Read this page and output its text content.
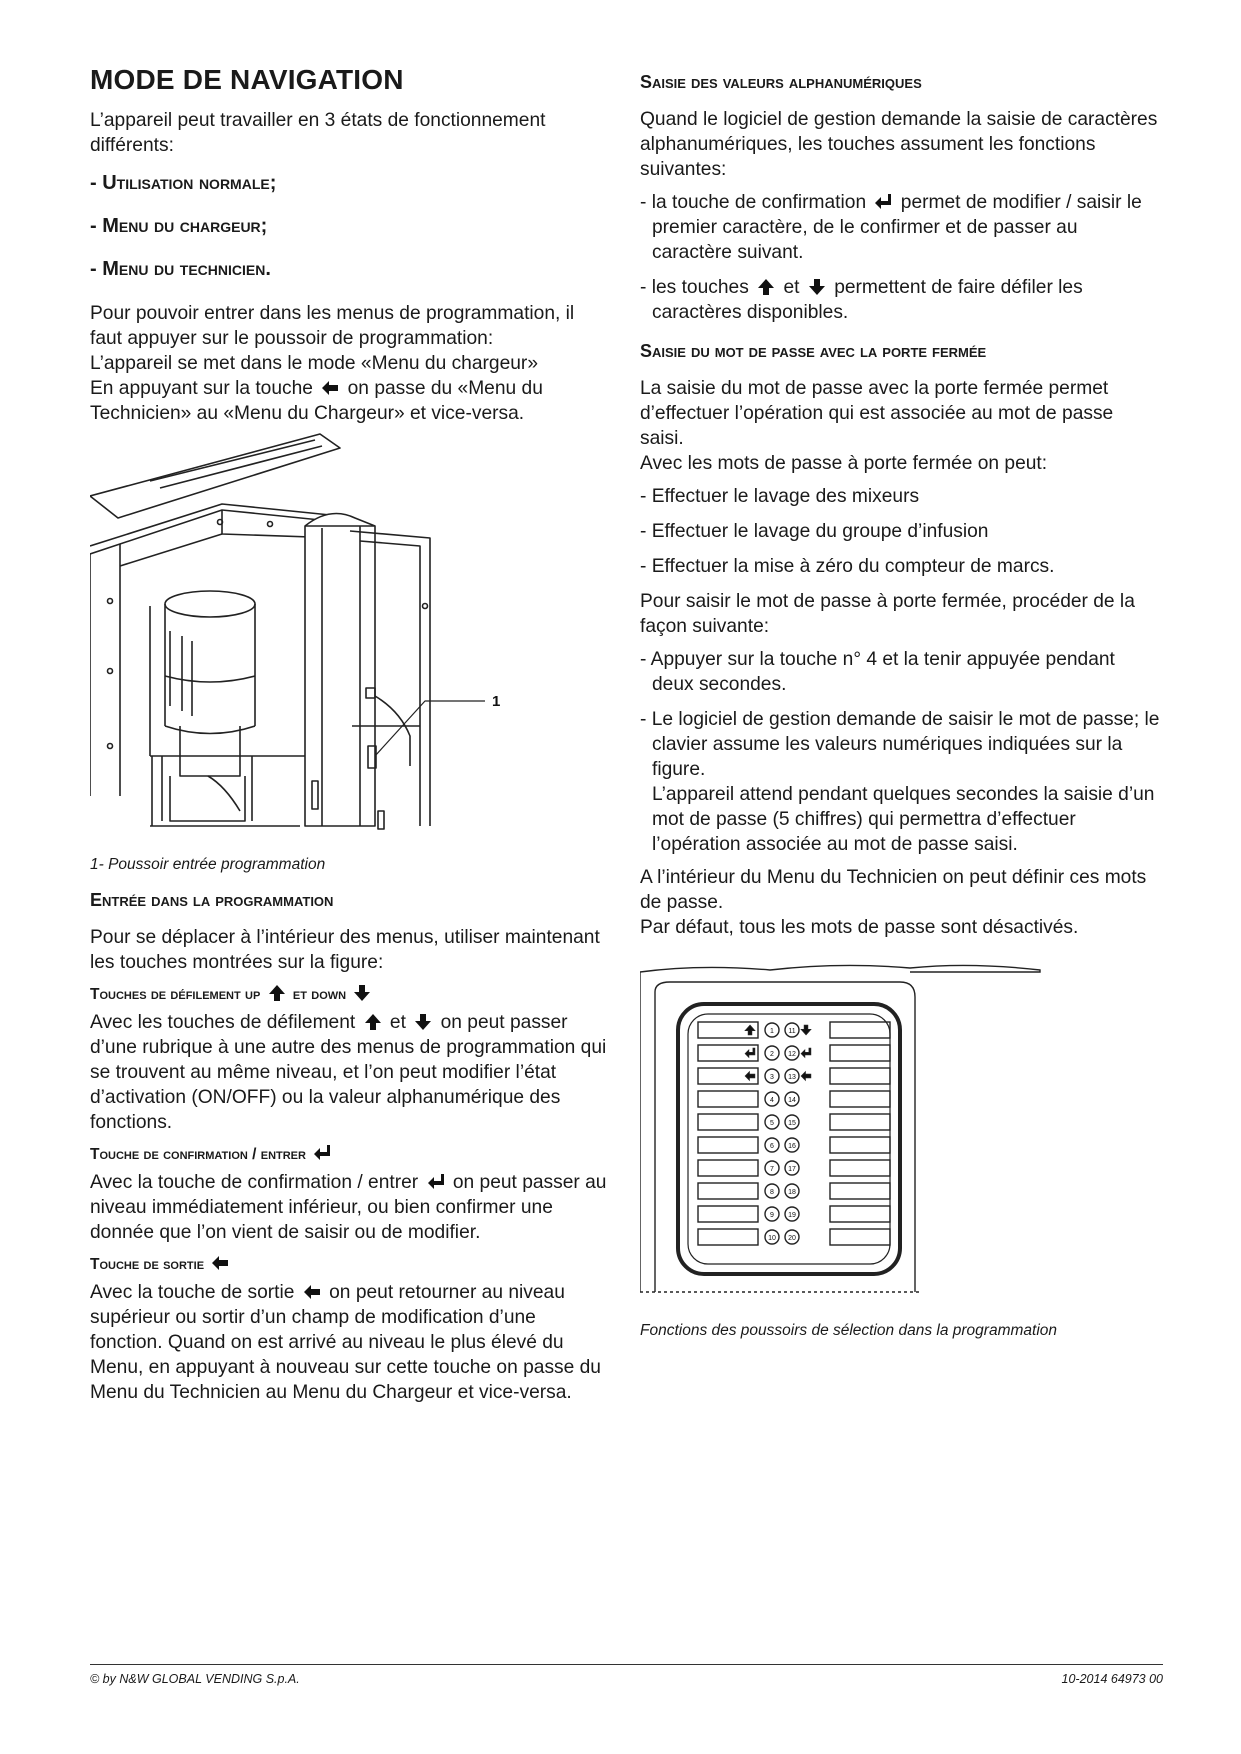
MODE DE NAVIGATION

L’appareil peut travailler en 3 états de fonctionnement différents:

- Utilisation normale;
- Menu du chargeur;
- Menu du technicien.

Pour pouvoir entrer dans les menus de programmation, il faut appuyer sur le poussoir de programmation:
L’appareil se met dans le mode «Menu du chargeur»
En appuyant sur la touche on passe du «Menu du Technicien» au «Menu du Chargeur» et vice-versa.

1
1- Poussoir entrée programmation
Entrée dans la programmation

Pour se déplacer à l’intérieur des menus, utiliser maintenant les touches montrées sur la figure:

Touches de défilement up et down

Avec les touches de défilement et on peut passer d’une rubrique à une autre des menus de programmation qui se trouvent au même niveau, et l’on peut modifier l’état d’activation (ON/OFF) ou la valeur alphanumérique des fonctions.

Touche de confirmation / entrer

Avec la touche de confirmation / entrer on peut passer au niveau immédiatement inférieur, ou bien confirmer une donnée que l’on vient de saisir ou de modifier.

Touche de sortie

Avec la touche de sortie on peut retourner au niveau supérieur ou sortir d’un champ de modification d’une fonction. Quand on est arrivé au niveau le plus élevé du Menu, en appuyant à nouveau sur cette touche on passe du Menu du Technicien au Menu du Chargeur et vice-versa.

Saisie des valeurs alphanumériques

Quand le logiciel de gestion demande la saisie de caractères alphanumériques, les touches assument les fonctions suivantes:

- la touche de confirmation permet de modifier / saisir le premier caractère, de le confirmer et de passer au caractère suivant.

- les touches et permettent de faire défiler les caractères disponibles.

Saisie du mot de passe avec la porte fermée

La saisie du mot de passe avec la porte fermée permet d’effectuer l’opération qui est associée au mot de passe saisi.

Avec les mots de passe à porte fermée on peut:

- Effectuer le lavage des mixeurs

- Effectuer le lavage du groupe d’infusion

- Effectuer la mise à zéro du compteur de marcs.

Pour saisir le mot de passe à porte fermée, procéder de la façon suivante:

- Appuyer sur la touche n° 4 et la tenir appuyée pendant deux secondes.

- Le logiciel de gestion demande de saisir le mot de passe; le clavier assume les valeurs numériques indiquées sur la figure.

L’appareil attend pendant quelques secondes la saisie d’un mot de passe (5 chiffres) qui permettra d’effectuer l’opération associée au mot de passe saisi.

A l’intérieur du Menu du Technicien on peut définir ces mots de passe.

Par défaut, tous les mots de passe sont désactivés.

1 11
2 12
3 13
4 14
5 15
6 16
7 17
8 18
9 19
10 20
Fonctions des poussoirs de sélection dans la programmation
© by N&W GLOBAL VENDING S.p.A.	10-2014 64973 00
